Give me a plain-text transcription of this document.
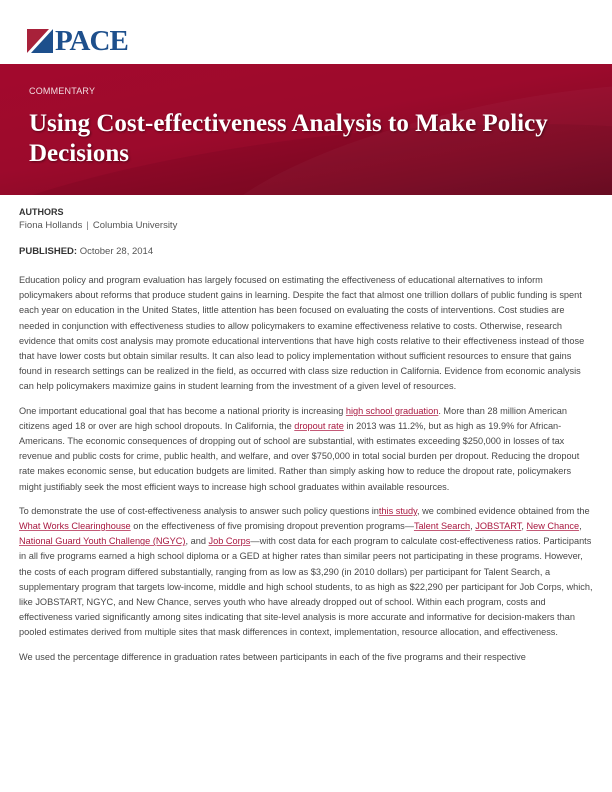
PACE
COMMENTARY
Using Cost-effectiveness Analysis to Make Policy Decisions
AUTHORS
Fiona Hollands | Columbia University
PUBLISHED: October 28, 2014

Education policy and program evaluation has largely focused on estimating the effectiveness of educational alternatives to inform policymakers about reforms that produce student gains in learning. Despite the fact that almost one trillion dollars of public funding is spent each year on education in the United States, little attention has been focused on evaluating the costs of interventions. Cost studies are needed in conjunction with effectiveness studies to allow policymakers to examine effectiveness relative to costs. Otherwise, research evidence that omits cost analysis may promote educational interventions that have high costs relative to their effectiveness instead of those that have lower costs but obtain similar results. It can also lead to policy implementation without sufficient resources to ensure that gains found in research settings can be realized in the field, as occurred with class size reduction in California. Evidence from economic analysis can help policymakers maximize gains in student learning from the investment of a given level of resources.

One important educational goal that has become a national priority is increasing high school graduation. More than 28 million American citizens aged 18 or over are high school dropouts. In California, the dropout rate in 2013 was 11.2%, but as high as 19.9% for African-Americans. The economic consequences of dropping out of school are substantial, with estimates exceeding $250,000 in losses of tax revenue and public costs for crime, public health, and welfare, and over $750,000 in total social burden per dropout. Reducing the dropout rate makes economic sense, but education budgets are limited. Rather than simply asking how to reduce the dropout rate, policymakers might justifiably seek the most efficient ways to increase high school graduates within available resources.

To demonstrate the use of cost-effectiveness analysis to answer such policy questions inthis study, we combined evidence obtained from the What Works Clearinghouse on the effectiveness of five promising dropout prevention programs—Talent Search, JOBSTART, New Chance, National Guard Youth Challenge (NGYC), and Job Corps—with cost data for each program to calculate cost-effectiveness ratios. Participants in all five programs earned a high school diploma or a GED at higher rates than similar peers not participating in these programs. However, the costs of each program differed substantially, ranging from as low as $3,290 (in 2010 dollars) per participant for Talent Search, a supplementary program that targets low-income, middle and high school students, to as high as $22,290 per participant for Job Corps, which, like JOBSTART, NGYC, and New Chance, serves youth who have already dropped out of school. Within each program, costs and effectiveness varied significantly among sites indicating that site-level analysis is more accurate and informative for decision-makers than pooled estimates derived from multiple sites that mask differences in context, implementation, resource allocation, and effectiveness.

We used the percentage difference in graduation rates between participants in each of the five programs and their respective
